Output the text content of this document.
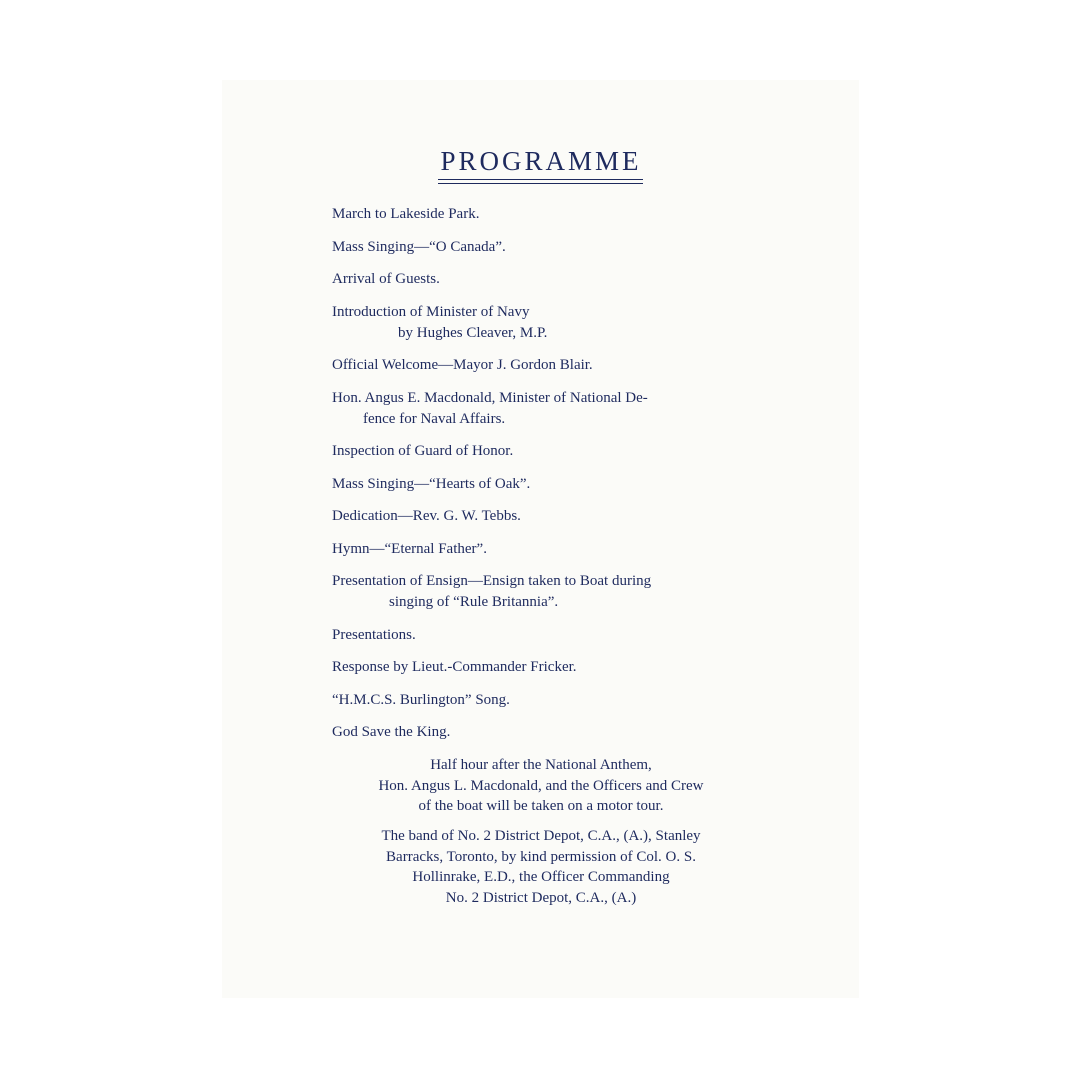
PROGRAMME
March to Lakeside Park.
Mass Singing—“O Canada”.
Arrival of Guests.
Introduction of Minister of Navy
by Hughes Cleaver, M.P.
Official Welcome—Mayor J. Gordon Blair.
Hon. Angus E. Macdonald, Minister of National De-
fence for Naval Affairs.
Inspection of Guard of Honor.
Mass Singing—“Hearts of Oak”.
Dedication—Rev. G. W. Tebbs.
Hymn—“Eternal Father”.
Presentation of Ensign—Ensign taken to Boat during
singing of “Rule Britannia”.
Presentations.
Response by Lieut.-Commander Fricker.
“H.M.C.S. Burlington” Song.
God Save the King.

Half hour after the National Anthem,
Hon. Angus L. Macdonald, and the Officers and Crew
of the boat will be taken on a motor tour.

The band of No. 2 District Depot, C.A., (A.), Stanley
Barracks, Toronto, by kind permission of Col. O. S.
Hollinrake, E.D., the Officer Commanding
No. 2 District Depot, C.A., (A.)
